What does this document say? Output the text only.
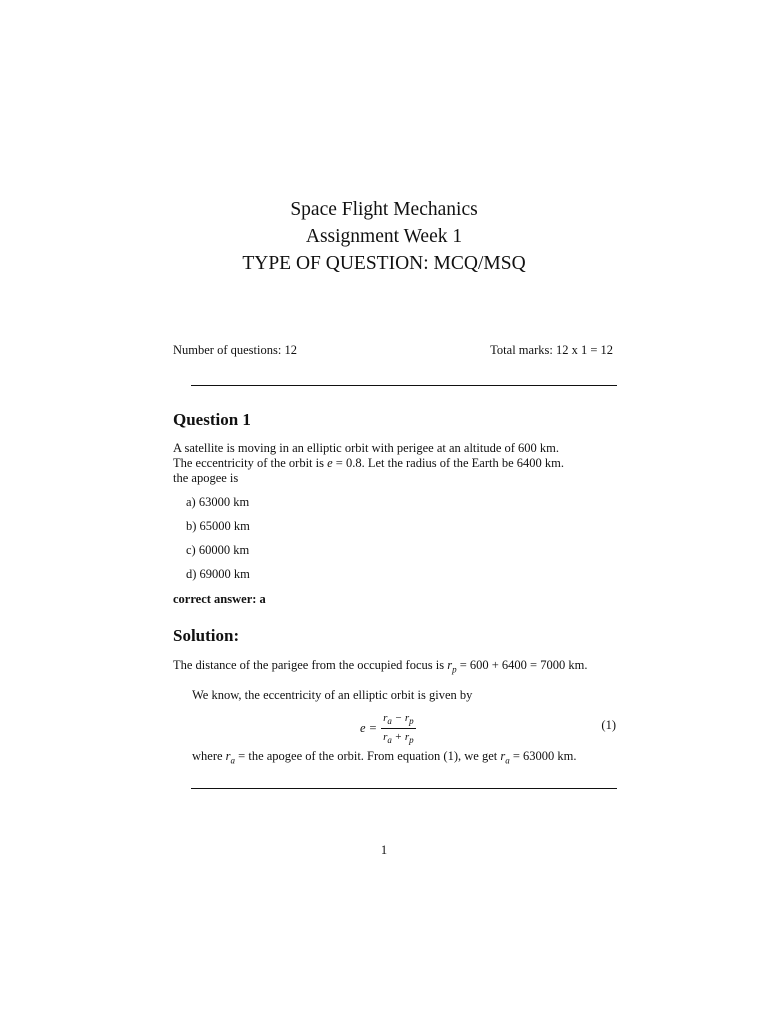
Space Flight Mechanics
Assignment Week 1
TYPE OF QUESTION: MCQ/MSQ
Number of questions: 12	Total marks: 12 x 1 = 12
Question 1
A satellite is moving in an elliptic orbit with perigee at an altitude of 600 km.
The eccentricity of the orbit is e = 0.8. Let the radius of the Earth be 6400 km.
the apogee is
a) 63000 km
b) 65000 km
c) 60000 km
d) 69000 km
correct answer: a
Solution:
The distance of the parigee from the occupied focus is $r_p = 600 + 6400 = 7000$ km.
We know, the eccentricity of an elliptic orbit is given by
$e = \frac{r_a - r_p}{r_a + r_p}$	(1)
where $r_a$ = the apogee of the orbit. From equation (1), we get $r_a = 63000$ km.
1
